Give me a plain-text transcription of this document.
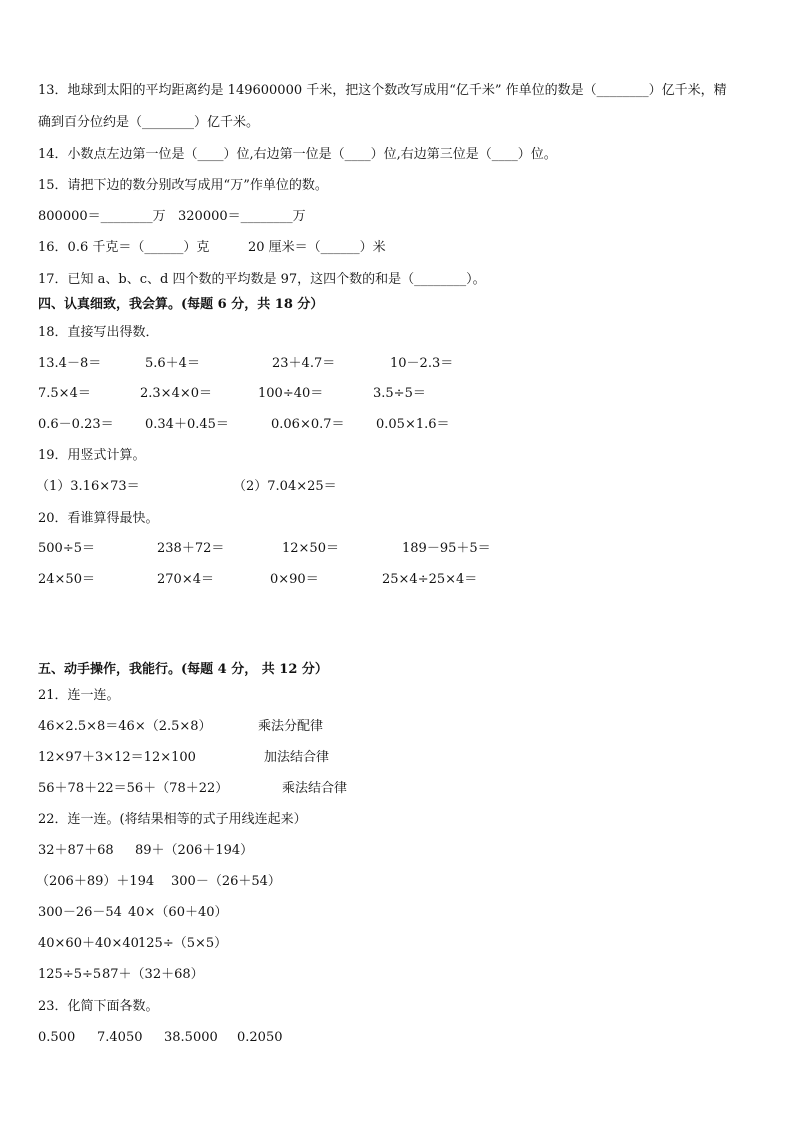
13．地球到太阳的平均距离约是 149600000 千米，把这个数改写成用“亿千米” 作单位的数是（________）亿千米，精
确到百分位约是（________）亿千米。
14．小数点左边第一位是（____）位,右边第一位是（____）位,右边第三位是（____）位。
15．请把下边的数分别改写成用“万”作单位的数。
800000＝________万 320000＝________万
16．0.6 千克＝（______）克	20 厘米＝（______）米
17．已知 a、b、c、d 四个数的平均数是 97，这四个数的和是（________）。
四、认真细致，我会算。(每题 6 分，共 18 分）
18．直接写出得数．
13.4－8＝	5.6＋4＝	23＋4.7＝	10－2.3＝
7.5×4＝	2.3×4×0＝	100÷40＝	3.5÷5＝
0.6－0.23＝ 0.34＋0.45＝	0.06×0.7＝ 0.05×1.6＝
19．用竖式计算。
（1）3.16×73＝	（2）7.04×25＝
20．看谁算得最快。
500÷5＝	238＋72＝	12×50＝	189－95＋5＝
24×50＝	270×4＝	0×90＝	25×4÷25×4＝
五、动手操作，我能行。(每题 4 分， 共 12 分）
21．连一连。
46×2.5×8＝46×（2.5×8）	乘法分配律
12×97＋3×12＝12×100	加法结合律
56＋78＋22＝56＋（78＋22）	乘法结合律
22．连一连。(将结果相等的式子用线连起来）
32＋87＋68 89＋（206＋194）
（206＋89）＋194 300－（26＋54）
300－26－54 40×（60＋40）
40×60＋40×40 125÷（5×5）
125÷5÷5 87＋（32＋68）
23．化简下面各数。
0.500 7.4050 38.5000 0.2050
